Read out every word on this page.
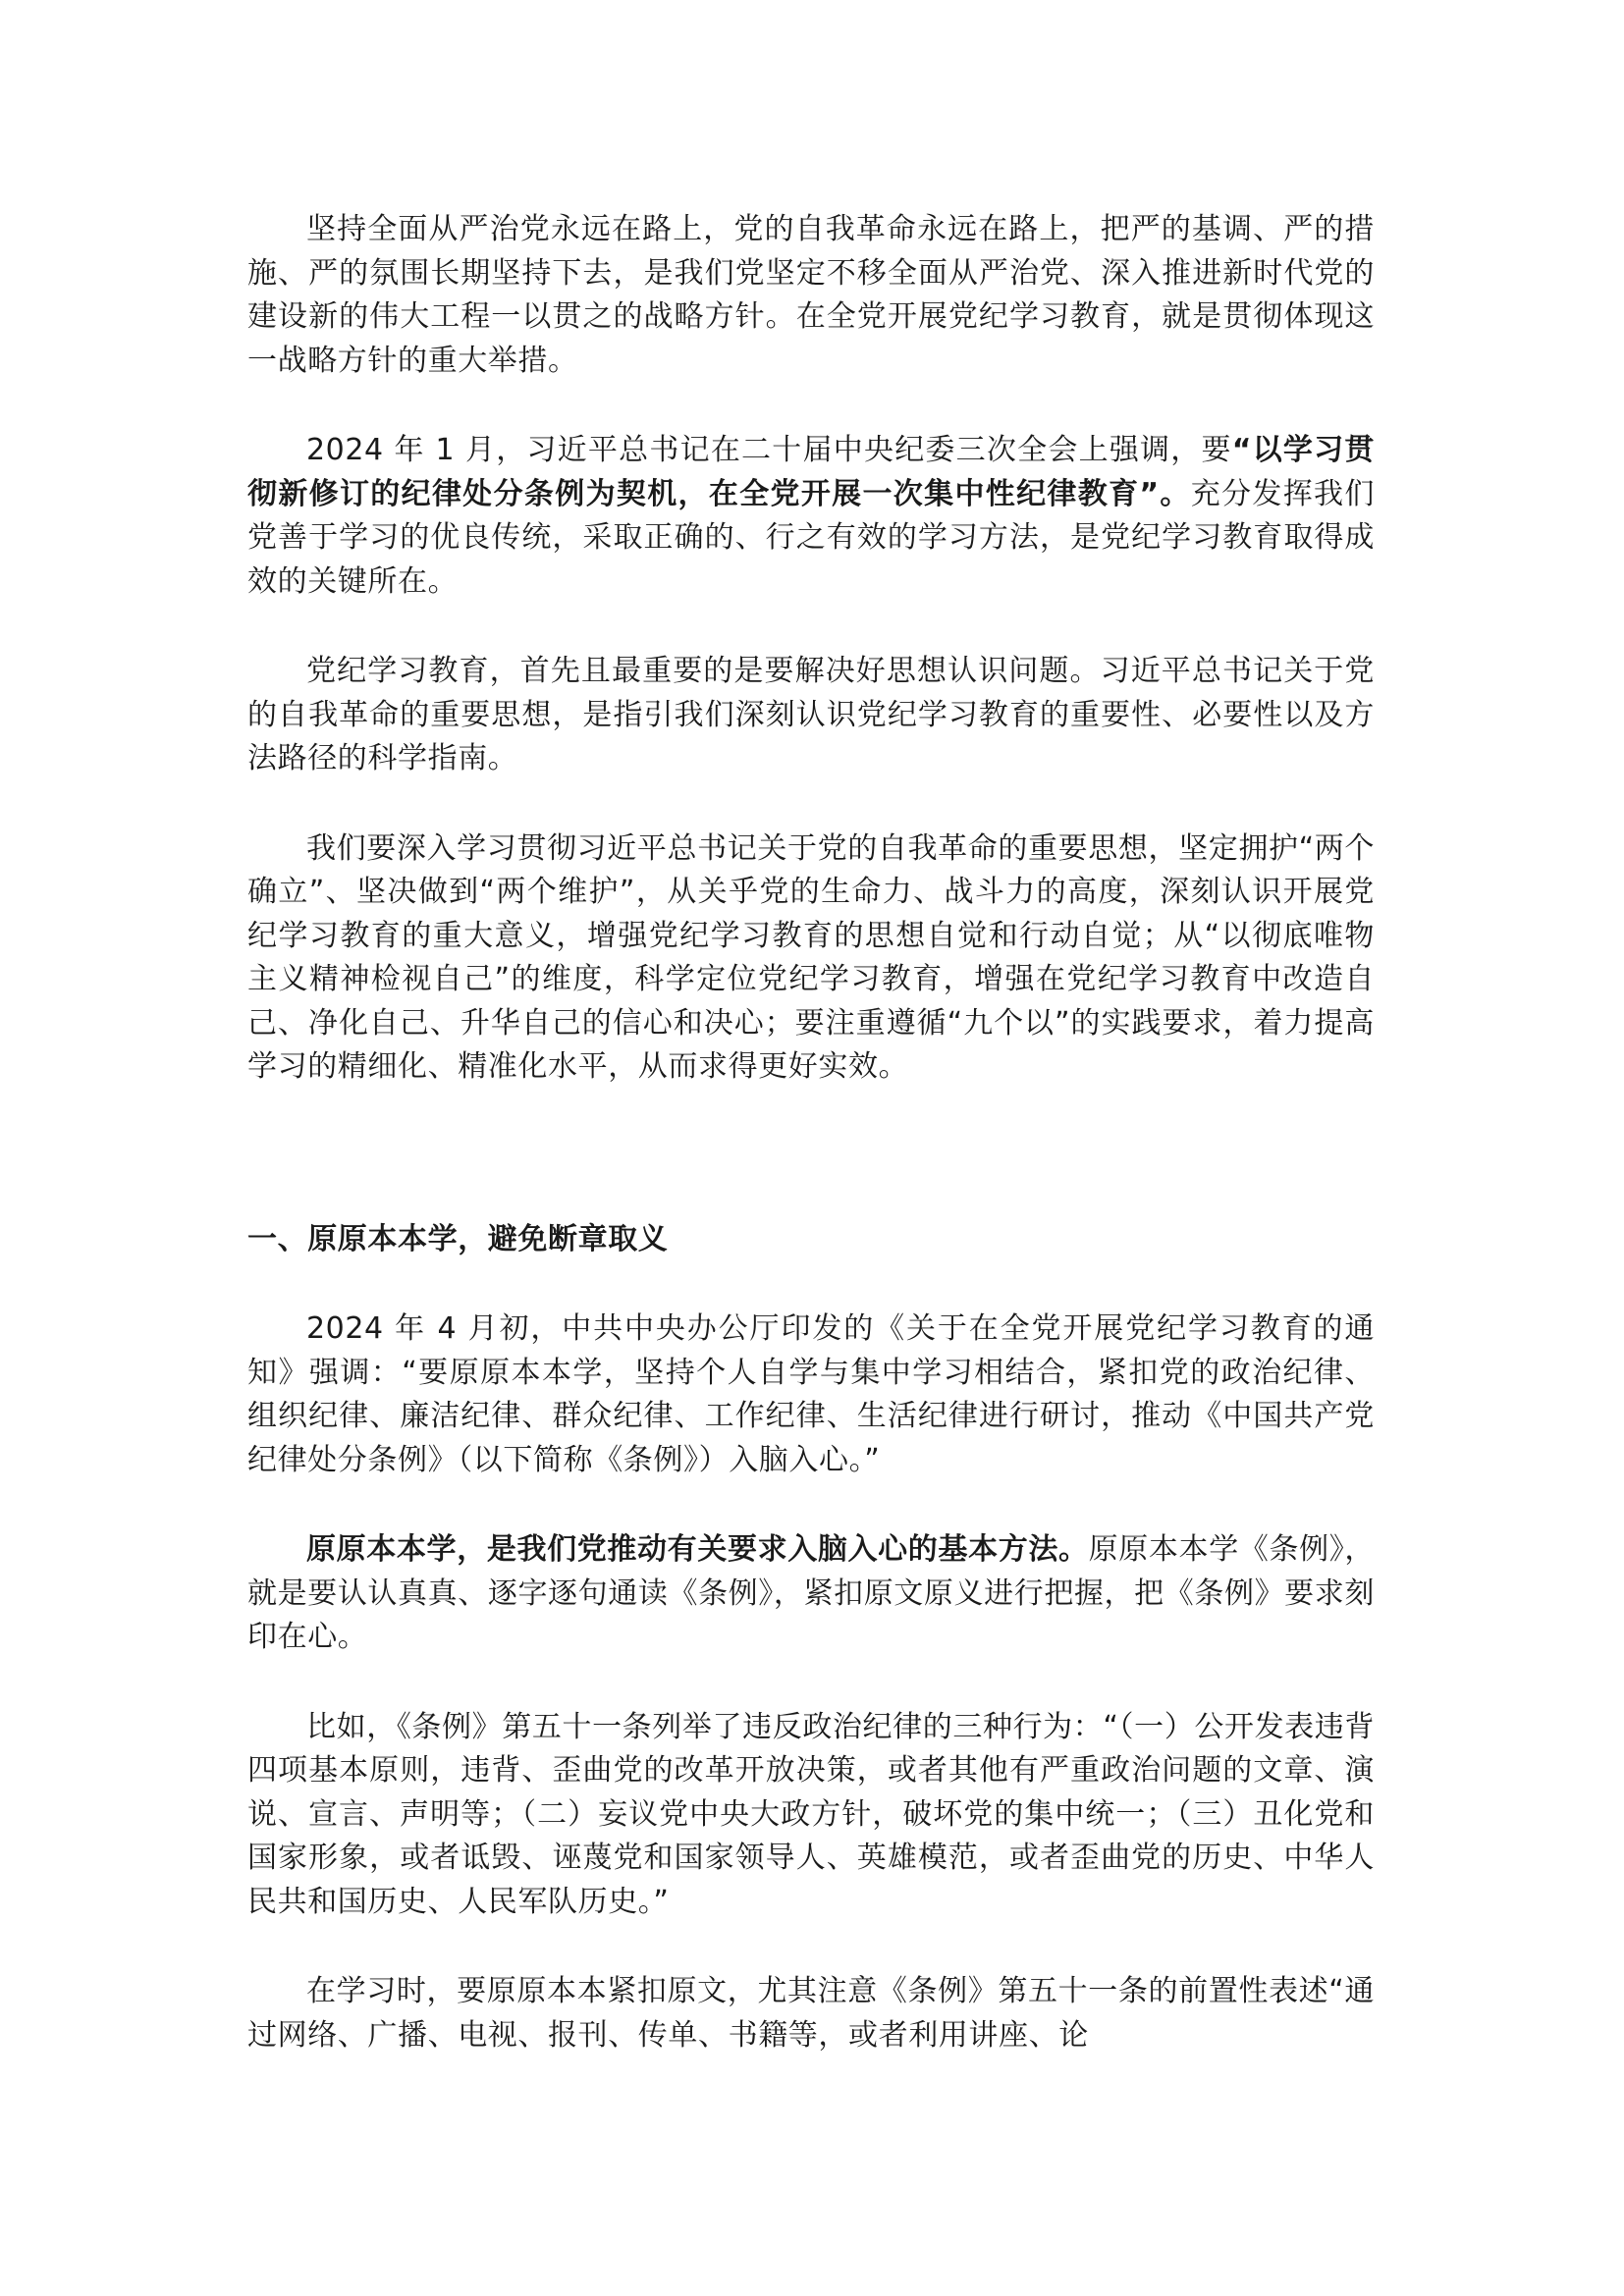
坚持全面从严治党永远在路上，党的自我革命永远在路上，把严的基调、严的措施、严的氛围长期坚持下去，是我们党坚定不移全面从严治党、深入推进新时代党的建设新的伟大工程一以贯之的战略方针。在全党开展党纪学习教育，就是贯彻体现这一战略方针的重大举措。

2024 年 1 月，习近平总书记在二十届中央纪委三次全会上强调，要“以学习贯彻新修订的纪律处分条例为契机，在全党开展一次集中性纪律教育”。充分发挥我们党善于学习的优良传统，采取正确的、行之有效的学习方法，是党纪学习教育取得成效的关键所在。

党纪学习教育，首先且最重要的是要解决好思想认识问题。习近平总书记关于党的自我革命的重要思想，是指引我们深刻认识党纪学习教育的重要性、必要性以及方法路径的科学指南。

我们要深入学习贯彻习近平总书记关于党的自我革命的重要思想，坚定拥护“两个确立”、坚决做到“两个维护”，从关乎党的生命力、战斗力的高度，深刻认识开展党纪学习教育的重大意义，增强党纪学习教育的思想自觉和行动自觉；从“以彻底唯物主义精神检视自己”的维度，科学定位党纪学习教育，增强在党纪学习教育中改造自己、净化自己、升华自己的信心和决心；要注重遵循“九个以”的实践要求，着力提高学习的精细化、精准化水平，从而求得更好实效。

一、原原本本学，避免断章取义

2024 年 4 月初，中共中央办公厅印发的《关于在全党开展党纪学习教育的通知》强调：“要原原本本学，坚持个人自学与集中学习相结合，紧扣党的政治纪律、组织纪律、廉洁纪律、群众纪律、工作纪律、生活纪律进行研讨，推动《中国共产党纪律处分条例》（以下简称《条例》）入脑入心。”

原原本本学，是我们党推动有关要求入脑入心的基本方法。原原本本学《条例》，就是要认认真真、逐字逐句通读《条例》，紧扣原文原义进行把握，把《条例》要求刻印在心。

比如，《条例》第五十一条列举了违反政治纪律的三种行为：“（一）公开发表违背四项基本原则，违背、歪曲党的改革开放决策，或者其他有严重政治问题的文章、演说、宣言、声明等；（二）妄议党中央大政方针，破坏党的集中统一；（三）丑化党和国家形象，或者诋毁、诬蔑党和国家领导人、英雄模范，或者歪曲党的历史、中华人民共和国历史、人民军队历史。”

在学习时，要原原本本紧扣原文，尤其注意《条例》第五十一条的前置性表述“通过网络、广播、电视、报刊、传单、书籍等，或者利用讲座、论
